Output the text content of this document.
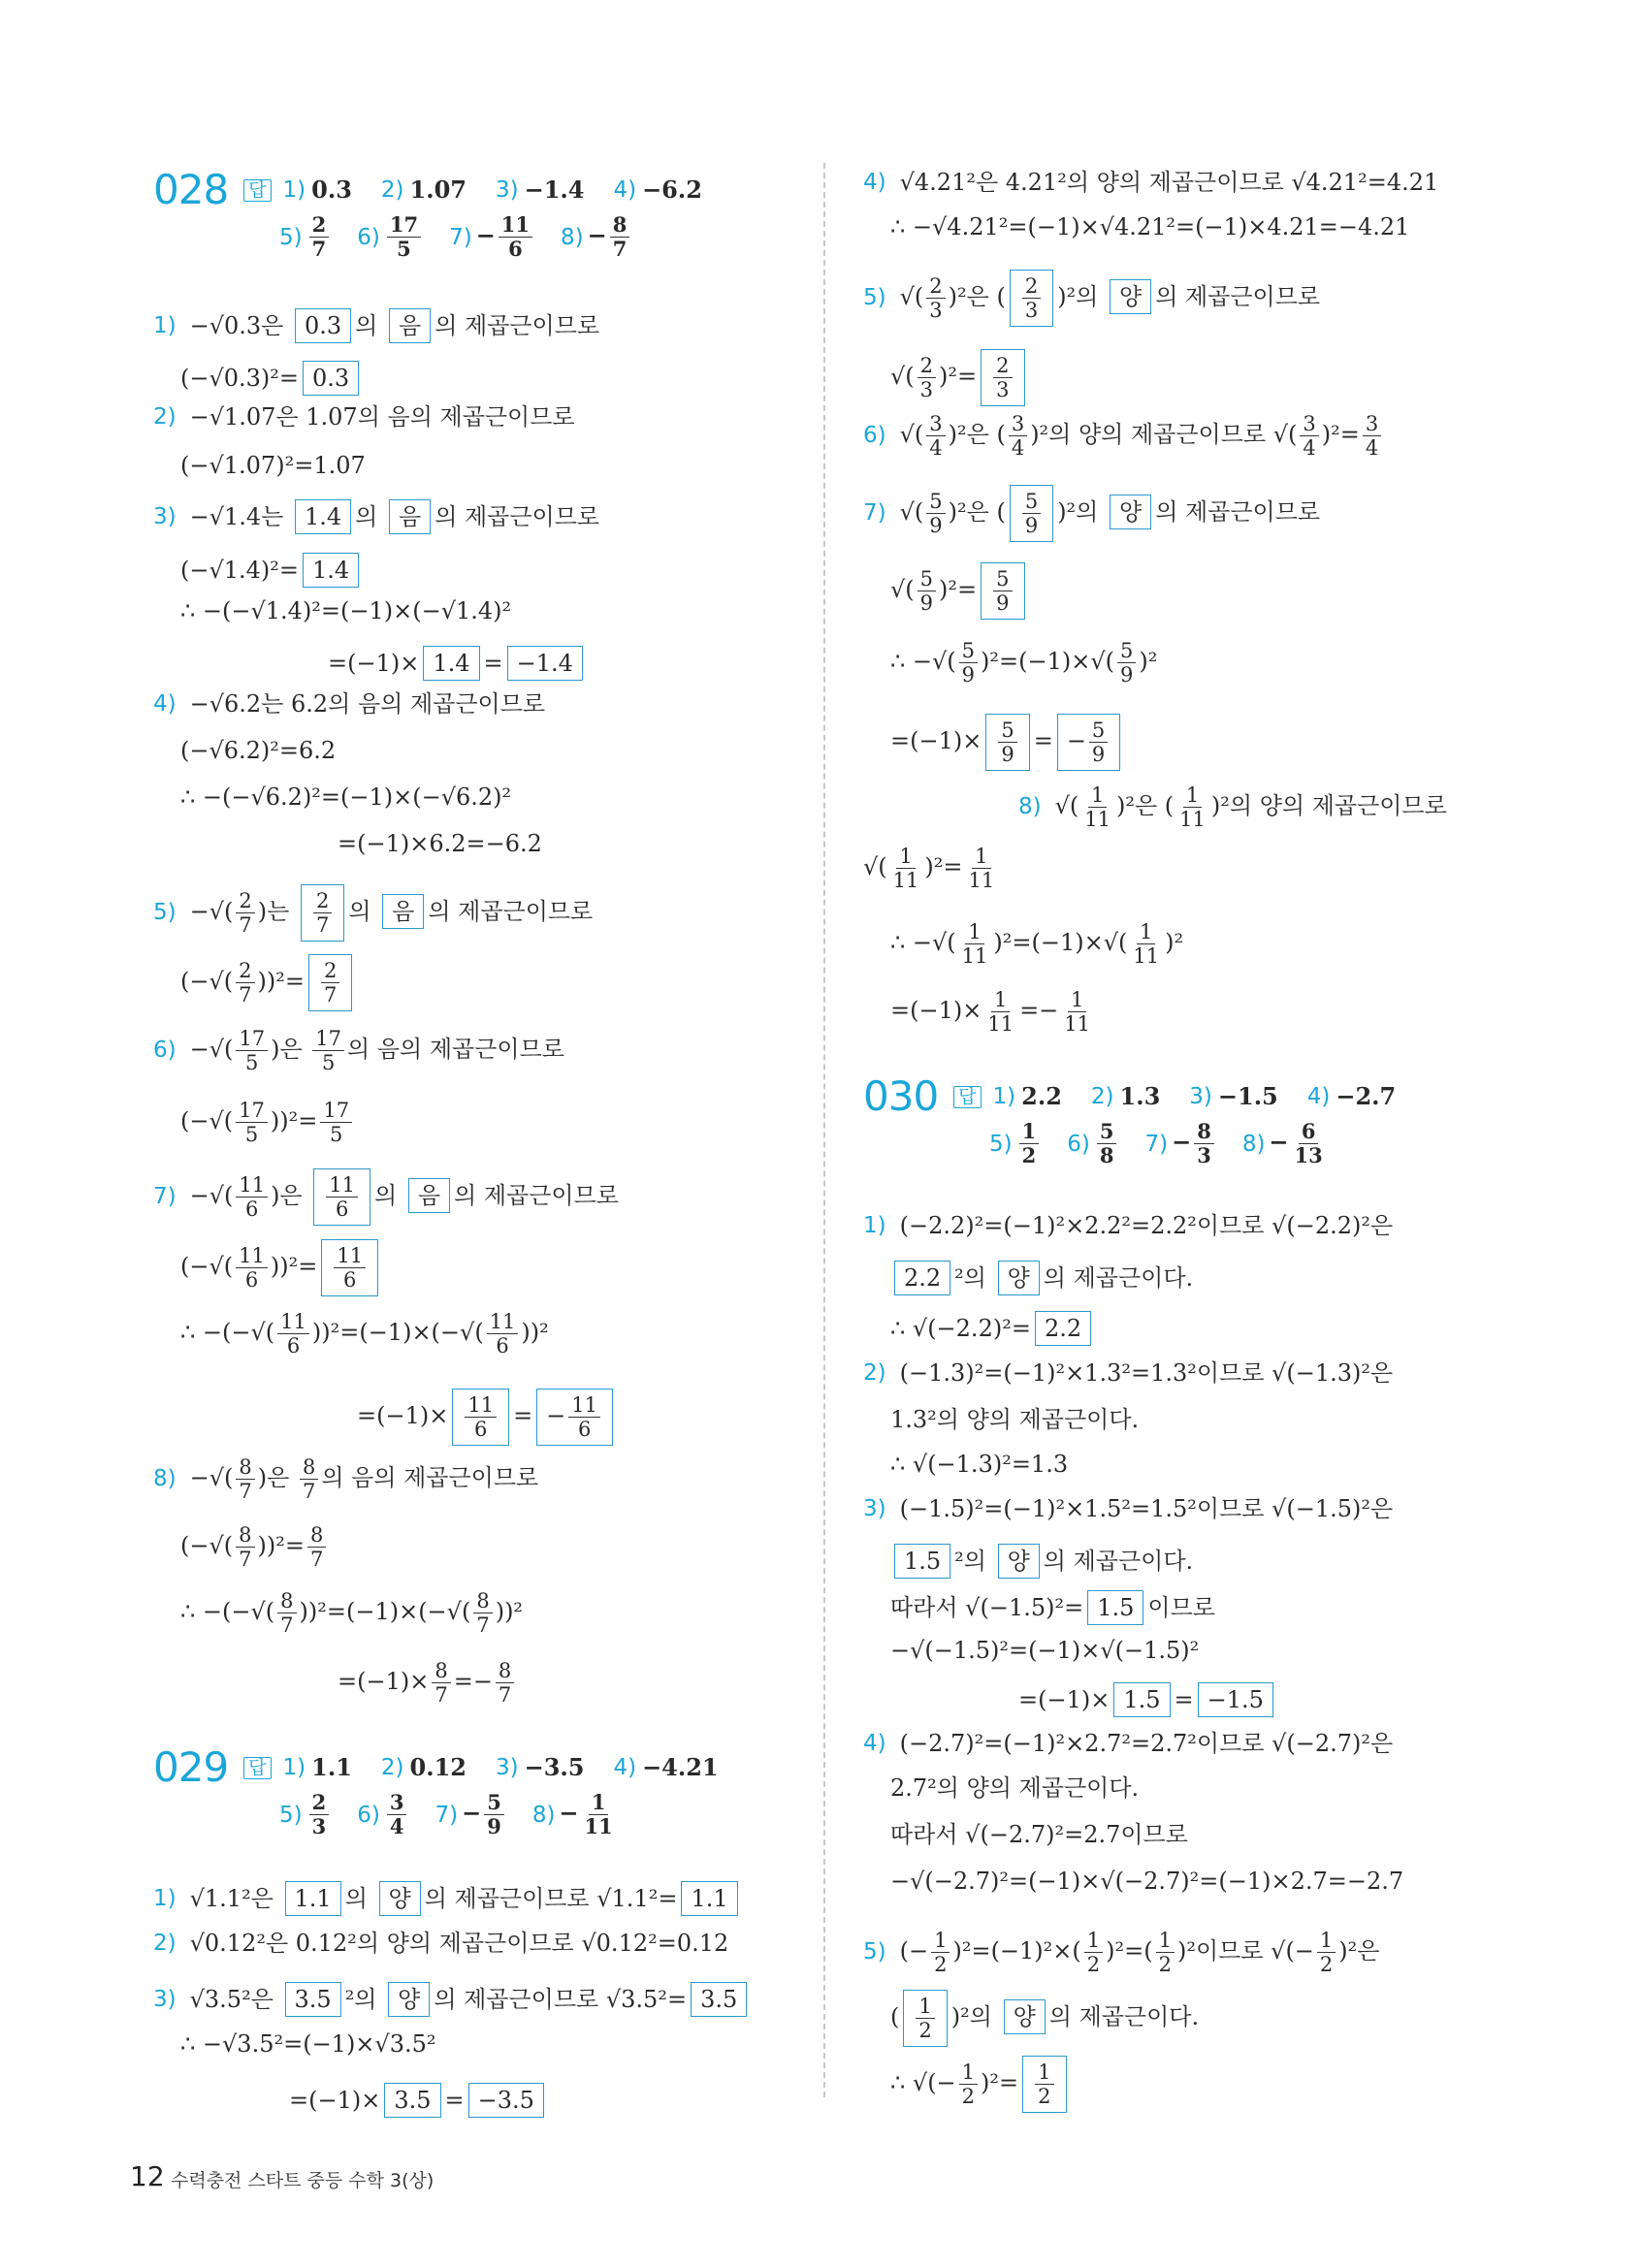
028 답 1) 0.3 2) 1.07 3) −1.4 4) −6.2
$5) \frac{2}{7} 6) \frac{17}{5} 7) - \frac{11}{6} 8) - \frac{8}{7}$
1) −√0.3은 0.3 의 음 의 제곱근이므로
(−√0.3)²= 0.3
2) −√1.07은 1.07의 음의 제곱근이므로
(−√1.07)²=1.07
3) −√1.4는 1.4 의 음 의 제곱근이므로
(−√1.4)²= 1.4
∴ −(−√1.4)²=(−1)×(−√1.4)²
=(−1)× 1.4 = −1.4
4) −√6.2는 6.2의 음의 제곱근이므로
(−√6.2)²=6.2
∴ −(−√6.2)²=(−1)×(−√6.2)²
=(−1)×6.2=−6.2
5) −√( $\frac{2}{7}$ )는 $\frac{2}{7}$ 의 음 의 제곱근이므로
(−√( $\frac{2}{7} ))^2= \frac{2}{7}$
6) −√( $\frac{17}{5}$ )은 $\frac{17}{5}$ 의 음의 제곱근이므로
(−√( $\frac{17}{5} ))^2= \frac{17}{5}$
7) −√( $\frac{11}{6}$ )은 $\frac{11}{6}$ 의 음 의 제곱근이므로
(−√( $\frac{11}{6} ))^2= \frac{11}{6}$
∴ −(−√( $\frac{11}{6} ))^2=(-1)\times(-√( \frac{11}{6} ))^2$
$=(-1)\times \frac{11}{6}$ = − $\frac{11}{6}$
8) −√( $\frac{8}{7}$ )은 $\frac{8}{7}$ 의 음의 제곱근이므로
(−√( $\frac{8}{7} ))^2= \frac{8}{7}$
∴ −(−√( $\frac{8}{7} ))^2=(-1)\times(-√( \frac{8}{7} ))^2$
$=(-1)\times \frac{8}{7} =- \frac{8}{7}$
029 답 1) 1.1 2) 0.12 3) −3.5 4) −4.21
$5) \frac{2}{3} 6) \frac{3}{4} 7) - \frac{5}{9} 8) - \frac{1}{11}$
1) √1.1²은 1.1 의 양 의 제곱근이므로 √1.1²= 1.1
2) √0.12²은 0.12²의 양의 제곱근이므로 √0.12²=0.12
3) √3.5²은 3.5 ²의 양 의 제곱근이므로 √3.5²= 3.5
∴ −√3.5²=(−1)×√3.5²
=(−1)× 3.5 = −3.5
4) √4.21²은 4.21²의 양의 제곱근이므로 √4.21²=4.21
∴ −√4.21²=(−1)×√4.21²=(−1)×4.21=−4.21
5) √( $\frac{2}{3} )^2$은 ( $\frac{2}{3} )^2$의 양 의 제곱근이므로
√( $\frac{2}{3} )^2= \frac{2}{3}$
6) √( $\frac{3}{4} )^2$은 ( $\frac{3}{4} )^2$의 양의 제곱근이므로 √( $\frac{3}{4} )^2= \frac{3}{4}$
7) √( $\frac{5}{9} )^2$은 ( $\frac{5}{9} )^2$의 양 의 제곱근이므로
√( $\frac{5}{9} )^2= \frac{5}{9}$
∴ −√( $\frac{5}{9} )^2=(-1)\times√( \frac{5}{9} )^2$
$=(-1)\times \frac{5}{9}$ = − $\frac{5}{9}$
8) √( $\frac{1}{11} )^2$은 ( $\frac{1}{11} )^2$의 양의 제곱근이므로
√( $\frac{1}{11} )^2= \frac{1}{11}$
∴ −√( $\frac{1}{11} )^2=(-1)\times√( \frac{1}{11} )^2$
$=(-1)\times \frac{1}{11} =- \frac{1}{11}$
030 답 1) 2.2 2) 1.3 3) −1.5 4) −2.7
$5) \frac{1}{2} 6) \frac{5}{8} 7) - \frac{8}{3} 8) - \frac{6}{13}$
1) (−2.2)²=(−1)²×2.2²=2.2²이므로 √(−2.2)²은
2.2 ²의 양 의 제곱근이다.
∴ √(−2.2)²= 2.2
2) (−1.3)²=(−1)²×1.3²=1.3²이므로 √(−1.3)²은
1.3²의 양의 제곱근이다.
∴ √(−1.3)²=1.3
3) (−1.5)²=(−1)²×1.5²=1.5²이므로 √(−1.5)²은
1.5 ²의 양 의 제곱근이다.
따라서 √(−1.5)²= 1.5 이므로
−√(−1.5)²=(−1)×√(−1.5)²
=(−1)× 1.5 = −1.5
4) (−2.7)²=(−1)²×2.7²=2.7²이므로 √(−2.7)²은
2.7²의 양의 제곱근이다.
따라서 √(−2.7)²=2.7이므로
−√(−2.7)²=(−1)×√(−2.7)²=(−1)×2.7=−2.7
5) (− $\frac{1}{2} )^2=(-1)^2\times( \frac{1}{2} )^2=( \frac{1}{2} )^2$이므로 √(− $\frac{1}{2} )^2$은
( $\frac{1}{2} )^2$의 양 의 제곱근이다.
∴ √(− $\frac{1}{2} )^2= \frac{1}{2}$
12 수력충전 스타트 중등 수학 3(상)
